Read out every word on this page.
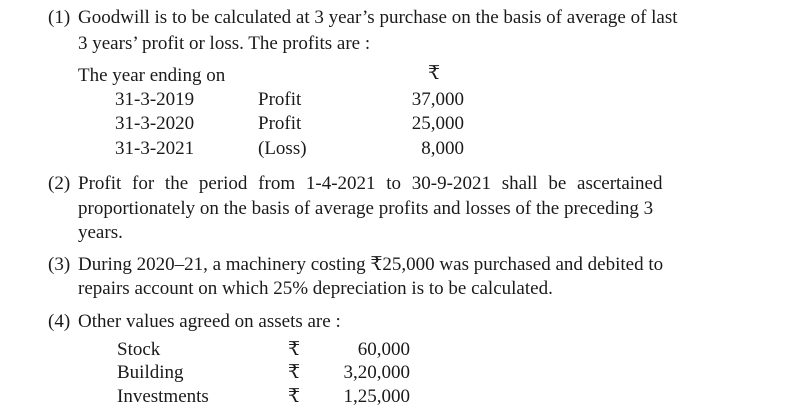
(1) Goodwill is to be calculated at 3 year’s purchase on the basis of average of last
3 years’ profit or loss. The profits are :
The year ending on	₹
31-3-2019	Profit	37,000
31-3-2020	Profit	25,000
31-3-2021	(Loss)	8,000
(2) Profit for the period from 1-4-2021 to 30-9-2021 shall be ascertained
proportionately on the basis of average profits and losses of the preceding 3
years.
(3) During 2020–21, a machinery costing ₹25,000 was purchased and debited to
repairs account on which 25% depreciation is to be calculated.
(4) Other values agreed on assets are :
Stock	₹	60,000
Building	₹	3,20,000
Investments	₹	1,25,000
